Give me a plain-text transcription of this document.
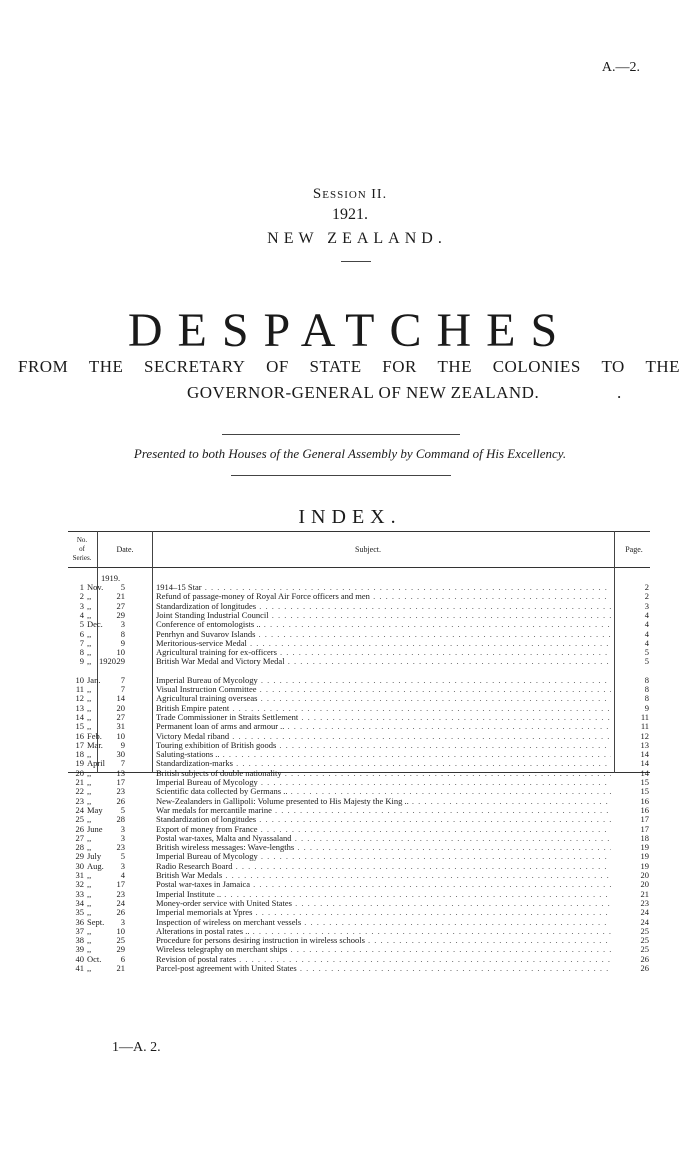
A.—2.
SESSION II.
1921.
NEW ZEALAND.
DESPATCHES
FROM THE SECRETARY OF STATE FOR THE COLONIES TO THE
GOVERNOR-GENERAL OF NEW ZEALAND.	.
Presented to both Houses of the General Assembly by Command of His Excellency.
INDEX.
No.
of
Series.
Date.	Subject.	Page.
1919.
1920.
1 Nov.	5	1914–15 Star . .	2
2 ,,	21	Refund of passage-money of Royal Air Force officers and men . .	2
3 ,,	27	Standardization of longitudes . .	3
4 ,,	29	Joint Standing Industrial Council . .	4
5 Dec.	3	Conference of entomologists .. . .	4
6 ,,	8	Penrhyn and Suvarov Islands . .	4
7 ,,	9	Meritorious-service Medal . .	4
8 ,,	10	Agricultural training for ex-officers . .	5
9 ,,	29	British War Medal and Victory Medal . .	5
10 Jan.	7	Imperial Bureau of Mycology . .	8
11 ,,	7	Visual Instruction Committee . .	8
12 ,,	14	Agricultural training overseas . .	8
13 ,,	20	British Empire patent . .	9
14 ,,	27	Trade Commissioner in Straits Settlement . .	11
15 ,,	31	Permanent loan of arms and armour .. . .	11
16 Feb.	10	Victory Medal riband . .	12
17 Mar.	9	Touring exhibition of British goods . .	13
18 ,,	30	Saluting-stations .. . .	14
19 April	7	Standardization-marks . .	14
20 ,,	13	British subjects of double nationality . .	14
21 ,,	17	Imperial Bureau of Mycology . .	15
22 ,,	23	Scientific data collected by Germans .. . .	15
23 ,,	26	New-Zealanders in Gallipoli: Volume presented to His Majesty the King .. . .	16
24 May	5	War medals for mercantile marine . .	16
25 ,,	28	Standardization of longitudes . .	17
26 June	3	Export of money from France . .	17
27 ,,	3	Postal war-taxes, Malta and Nyassaland . .	18
28 ,,	23	British wireless messages: Wave-lengths . .	19
29 July	5	Imperial Bureau of Mycology . .	19
30 Aug.	3	Radio Research Board . .	19
31 ,,	4	British War Medals . .	20
32 ,,	17	Postal war-taxes in Jamaica . .	20
33 ,,	23	Imperial Institute .. . .	21
34 ,,	24	Money-order service with United States . .	23
35 ,,	26	Imperial memorials at Ypres . .	24
36 Sept.	3	Inspection of wireless on merchant vessels . .	24
37 ,,	10	Alterations in postal rates .. . .	25
38 ,,	25	Procedure for persons desiring instruction in wireless schools . .	25
39 ,,	29	Wireless telegraphy on merchant ships . .	25
40 Oct.	6	Revision of postal rates . .	26
41 ,,	21	Parcel-post agreement with United States . .	26
1—A. 2.
